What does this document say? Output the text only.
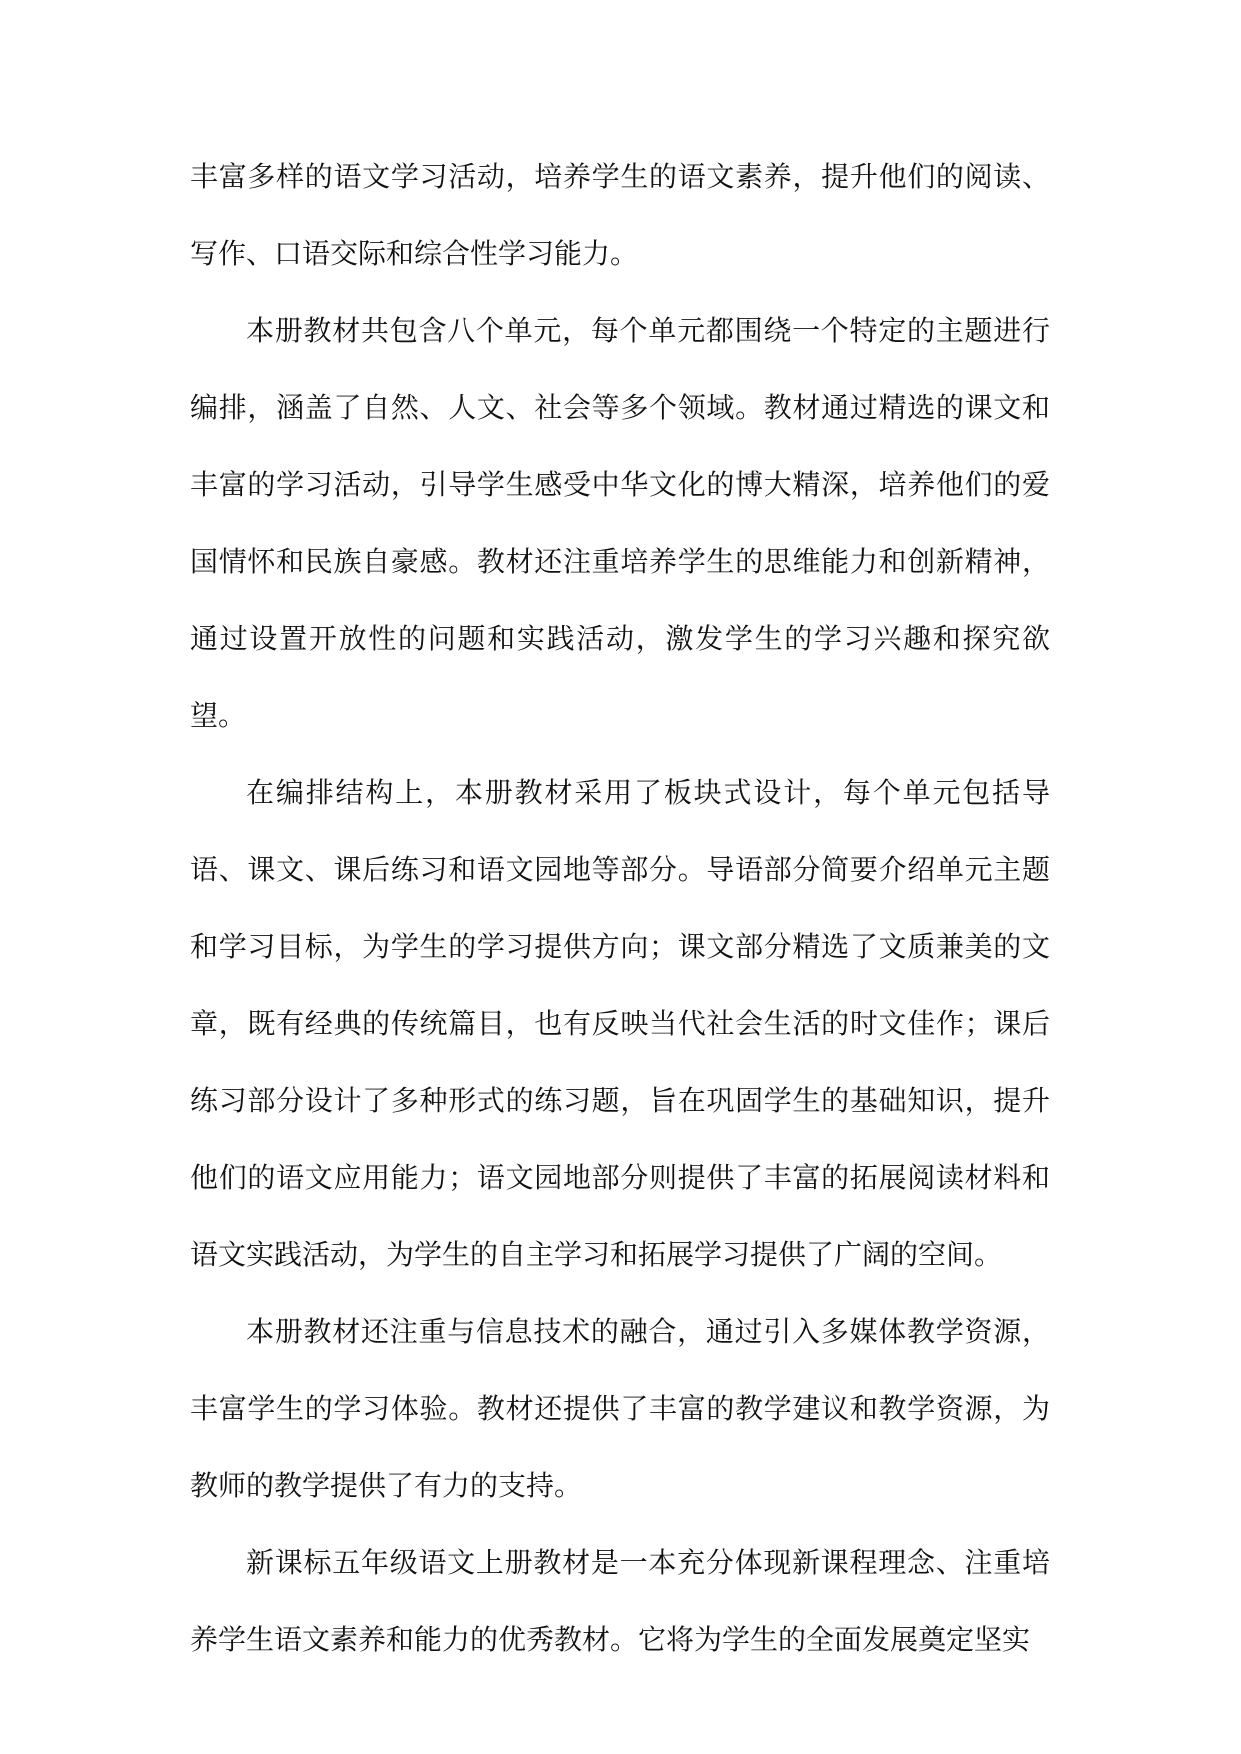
丰富多样的语文学习活动，培养学生的语文素养，提升他们的阅读、写作、口语交际和综合性学习能力。

本册教材共包含八个单元，每个单元都围绕一个特定的主题进行编排，涵盖了自然、人文、社会等多个领域。教材通过精选的课文和丰富的学习活动，引导学生感受中华文化的博大精深，培养他们的爱国情怀和民族自豪感。教材还注重培养学生的思维能力和创新精神，通过设置开放性的问题和实践活动，激发学生的学习兴趣和探究欲望。

在编排结构上，本册教材采用了板块式设计，每个单元包括导语、课文、课后练习和语文园地等部分。导语部分简要介绍单元主题和学习目标，为学生的学习提供方向；课文部分精选了文质兼美的文章，既有经典的传统篇目，也有反映当代社会生活的时文佳作；课后练习部分设计了多种形式的练习题，旨在巩固学生的基础知识，提升他们的语文应用能力；语文园地部分则提供了丰富的拓展阅读材料和语文实践活动，为学生的自主学习和拓展学习提供了广阔的空间。

本册教材还注重与信息技术的融合，通过引入多媒体教学资源，丰富学生的学习体验。教材还提供了丰富的教学建议和教学资源，为教师的教学提供了有力的支持。

新课标五年级语文上册教材是一本充分体现新课程理念、注重培养学生语文素养和能力的优秀教材。它将为学生的全面发展奠定坚实
